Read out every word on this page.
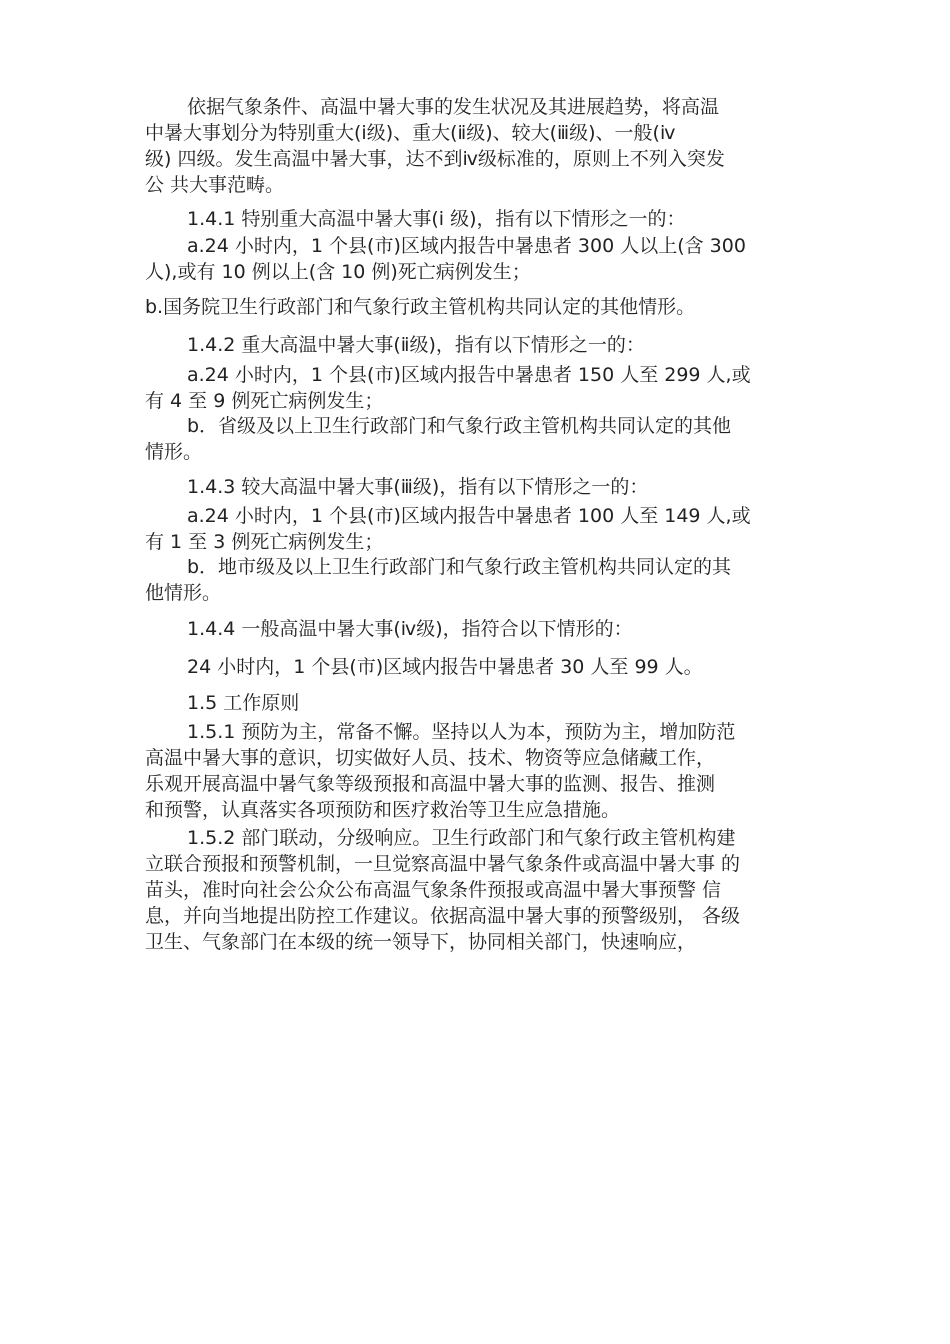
依据气象条件、高温中暑大事的发生状况及其进展趋势，将高温

中暑大事划分为特别重大(ⅰ级)、重大(ⅱ级)、较大(ⅲ级)、一般(ⅳ

级) 四级。发生高温中暑大事，达不到ⅳ级标准的，原则上不列入突发

公 共大事范畴。

1.4.1 特别重大高温中暑大事(ⅰ 级)，指有以下情形之一的：

a.24 小时内，1 个县(市)区域内报告中暑患者 300 人以上(含 300

人),或有 10 例以上(含 10 例)死亡病例发生；

b.国务院卫生行政部门和气象行政主管机构共同认定的其他情形。

1.4.2 重大高温中暑大事(ⅱ级)，指有以下情形之一的：

a.24 小时内，1 个县(市)区域内报告中暑患者 150 人至 299 人,或

有 4 至 9 例死亡病例发生；

b．省级及以上卫生行政部门和气象行政主管机构共同认定的其他

情形。

1.4.3 较大高温中暑大事(ⅲ级)，指有以下情形之一的：

a.24 小时内，1 个县(市)区域内报告中暑患者 100 人至 149 人,或

有 1 至 3 例死亡病例发生；

b．地市级及以上卫生行政部门和气象行政主管机构共同认定的其

他情形。

1.4.4 一般高温中暑大事(ⅳ级)，指符合以下情形的：

24 小时内，1 个县(市)区域内报告中暑患者 30 人至 99 人。

1.5 工作原则

1.5.1 预防为主，常备不懈。坚持以人为本，预防为主，增加防范

高温中暑大事的意识，切实做好人员、技术、物资等应急储藏工作，

乐观开展高温中暑气象等级预报和高温中暑大事的监测、报告、推测

和预警，认真落实各项预防和医疗救治等卫生应急措施。

1.5.2 部门联动，分级响应。卫生行政部门和气象行政主管机构建

立联合预报和预警机制，一旦觉察高温中暑气象条件或高温中暑大事 的

苗头，准时向社会公众公布高温气象条件预报或高温中暑大事预警 信

息，并向当地提出防控工作建议。依据高温中暑大事的预警级别， 各级

卫生、气象部门在本级的统一领导下，协同相关部门，快速响应，
